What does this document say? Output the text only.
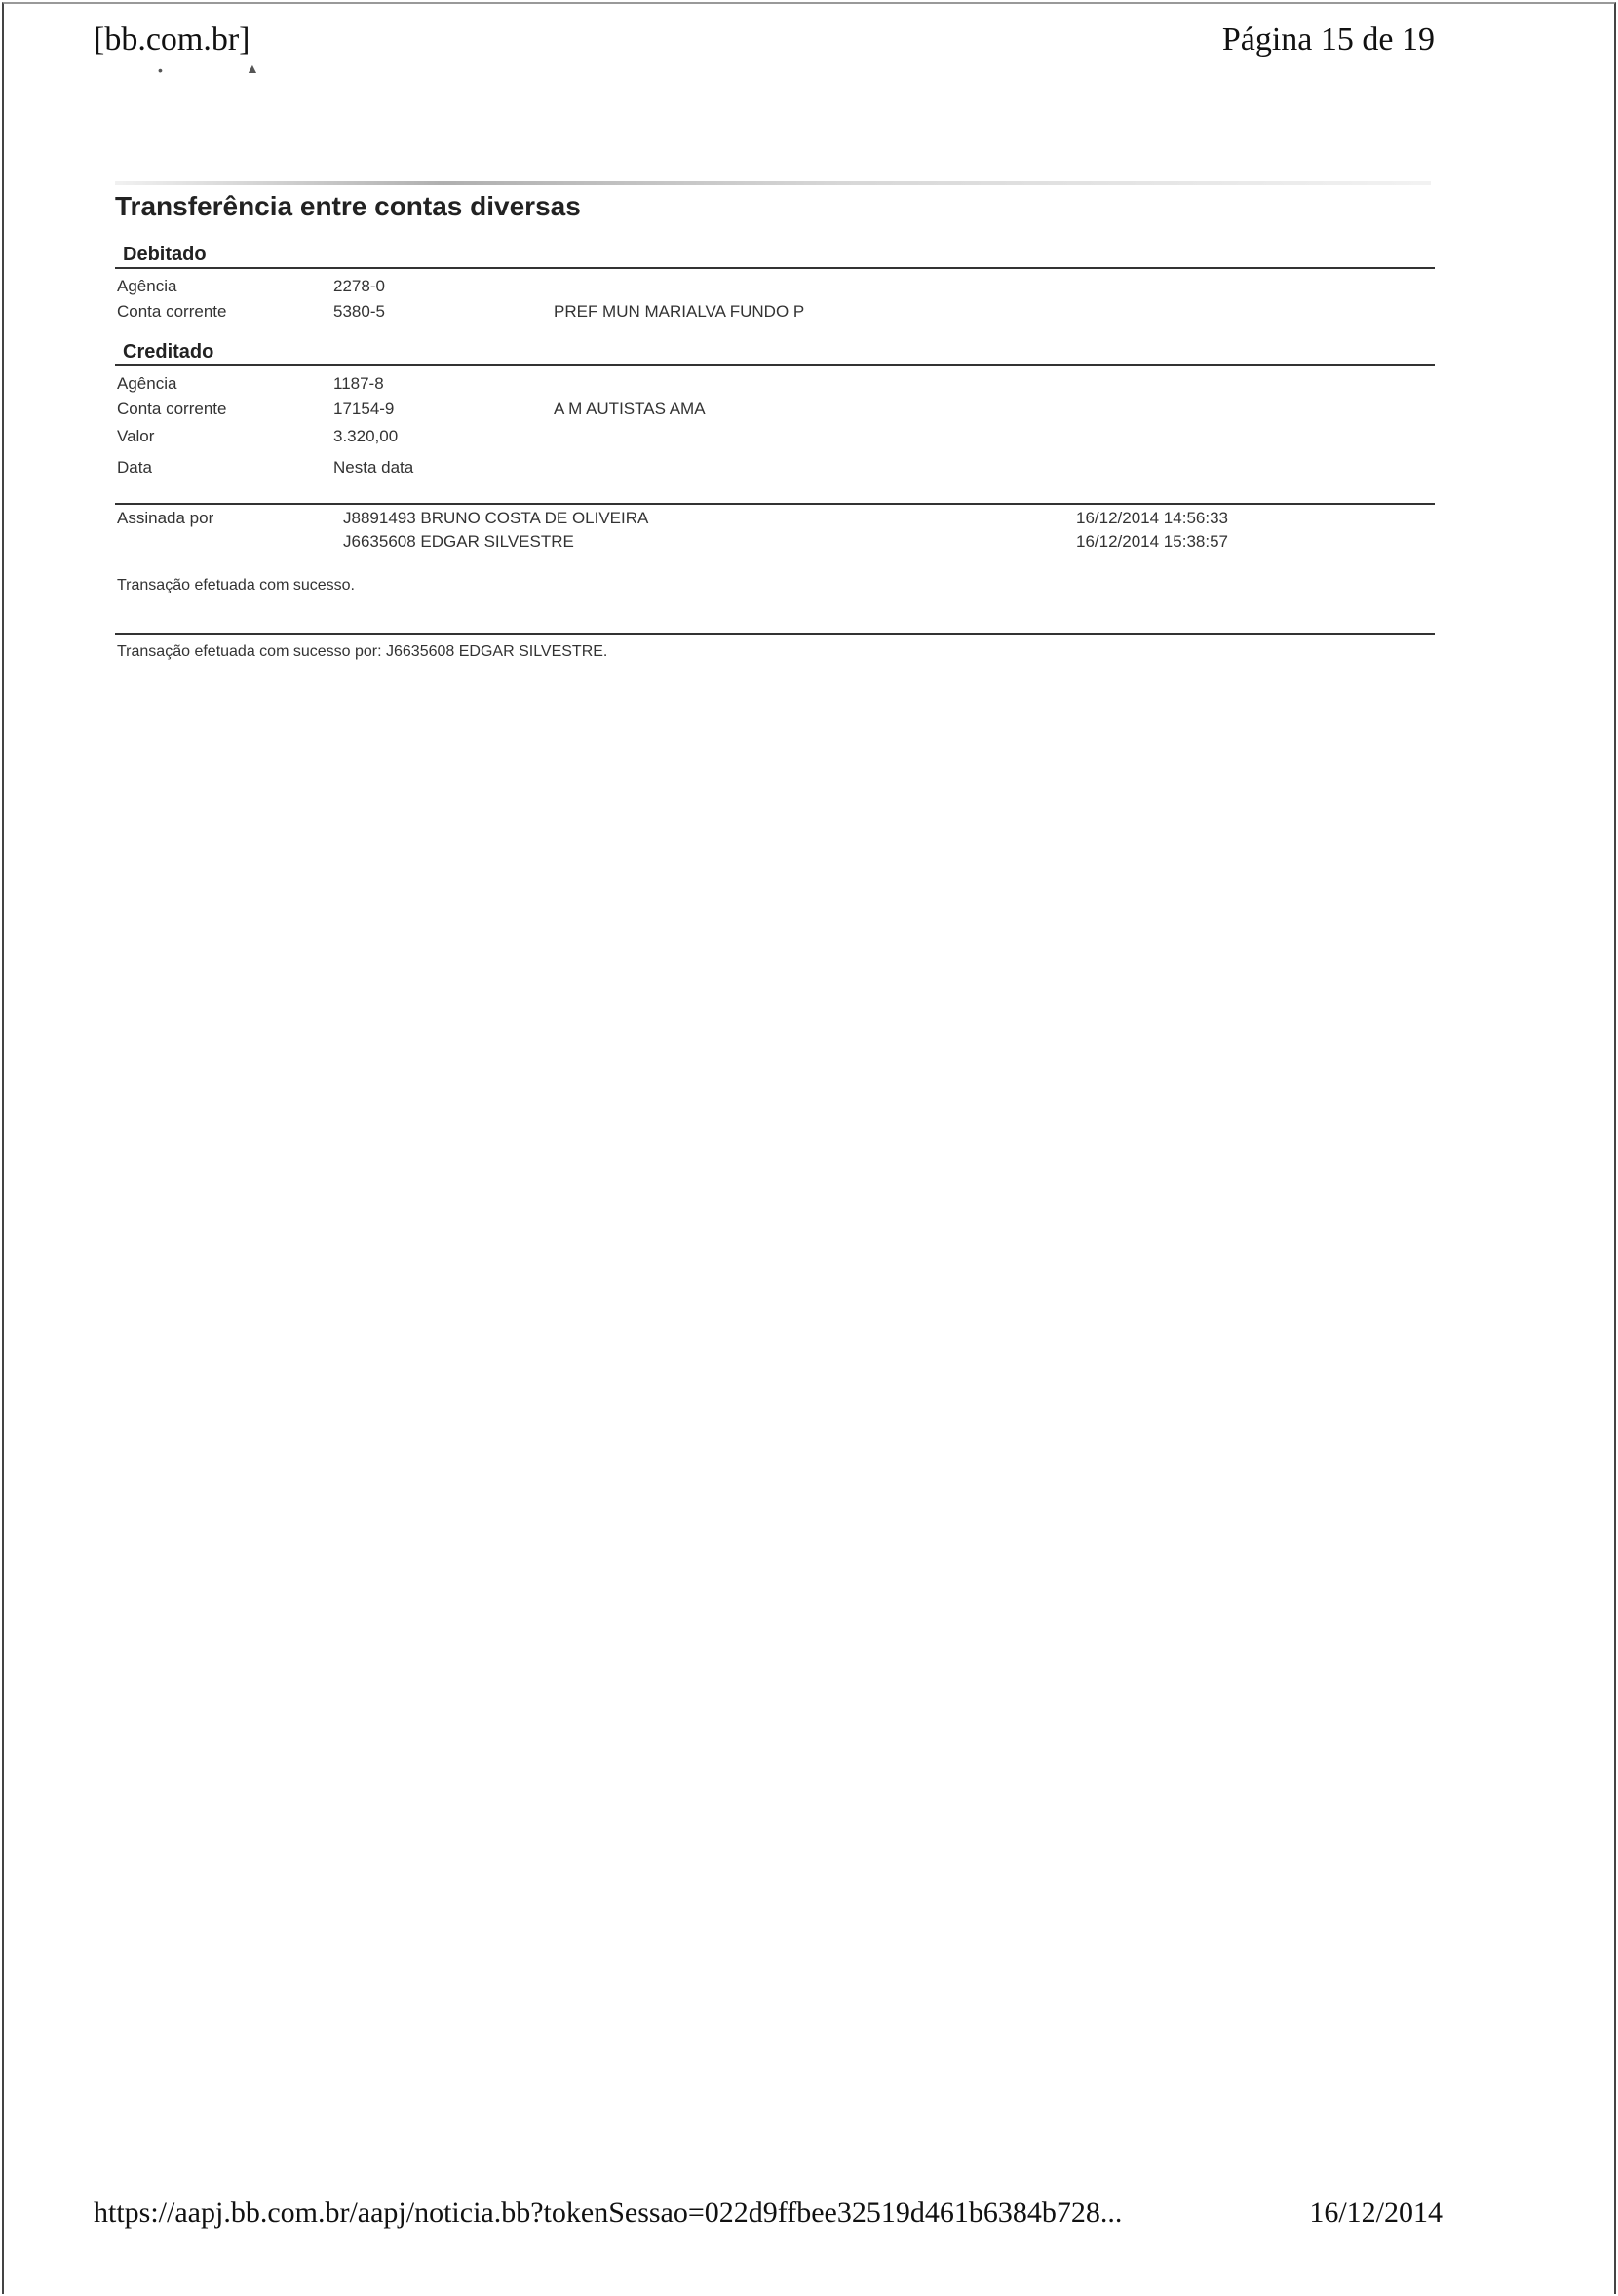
[bb.com.br]	Página 15 de 19
•	▲
Transferência entre contas diversas
Debitado
Agência	2278-0
Conta corrente	5380-5	PREF MUN MARIALVA FUNDO P
Creditado
Agência	1187-8
Conta corrente	17154-9	A M AUTISTAS AMA
Valor	3.320,00
Data	Nesta data
Assinada por	J8891493 BRUNO COSTA DE OLIVEIRA	16/12/2014 14:56:33
J6635608 EDGAR SILVESTRE	16/12/2014 15:38:57
Transação efetuada com sucesso.
Transação efetuada com sucesso por: J6635608 EDGAR SILVESTRE.
https://aapj.bb.com.br/aapj/noticia.bb?tokenSessao=022d9ffbee32519d461b6384b728...	16/12/2014
